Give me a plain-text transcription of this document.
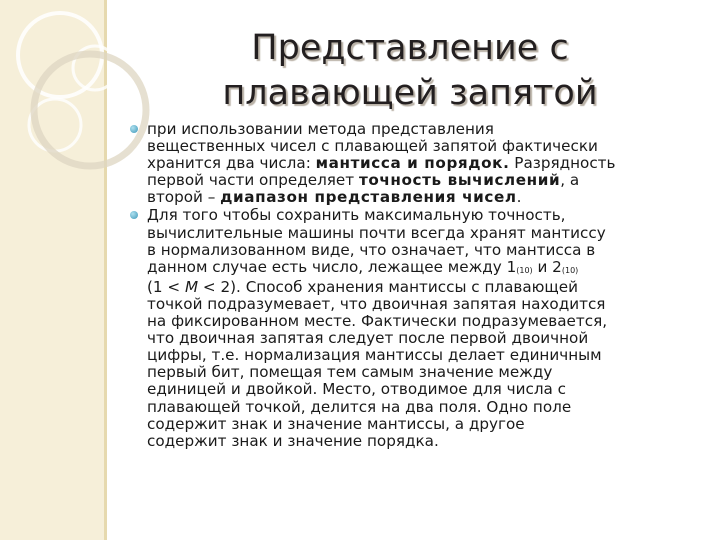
Представление с
плавающей запятой
при использовании метода представления
вещественных чисел с плавающей запятой фактически
хранится два числа: мантисса и порядок. Разрядность
первой части определяет точность вычислений, а
второй – диапазон представления чисел.
Для того чтобы сохранить максимальную точность,
вычислительные машины почти всегда хранят мантиссу
в нормализованном виде, что означает, что мантисса в
данном случае есть число, лежащее между $1_{(10)}$ и $2_{(10)}$
(1 < M < 2). Способ хранения мантиссы с плавающей
точкой подразумевает, что двоичная запятая находится
на фиксированном месте. Фактически подразумевается,
что двоичная запятая следует после первой двоичной
цифры, т.е. нормализация мантиссы делает единичным
первый бит, помещая тем самым значение между
единицей и двойкой. Место, отводимое для числа с
плавающей точкой, делится на два поля. Одно поле
содержит знак и значение мантиссы, а другое
содержит знак и значение порядка.
